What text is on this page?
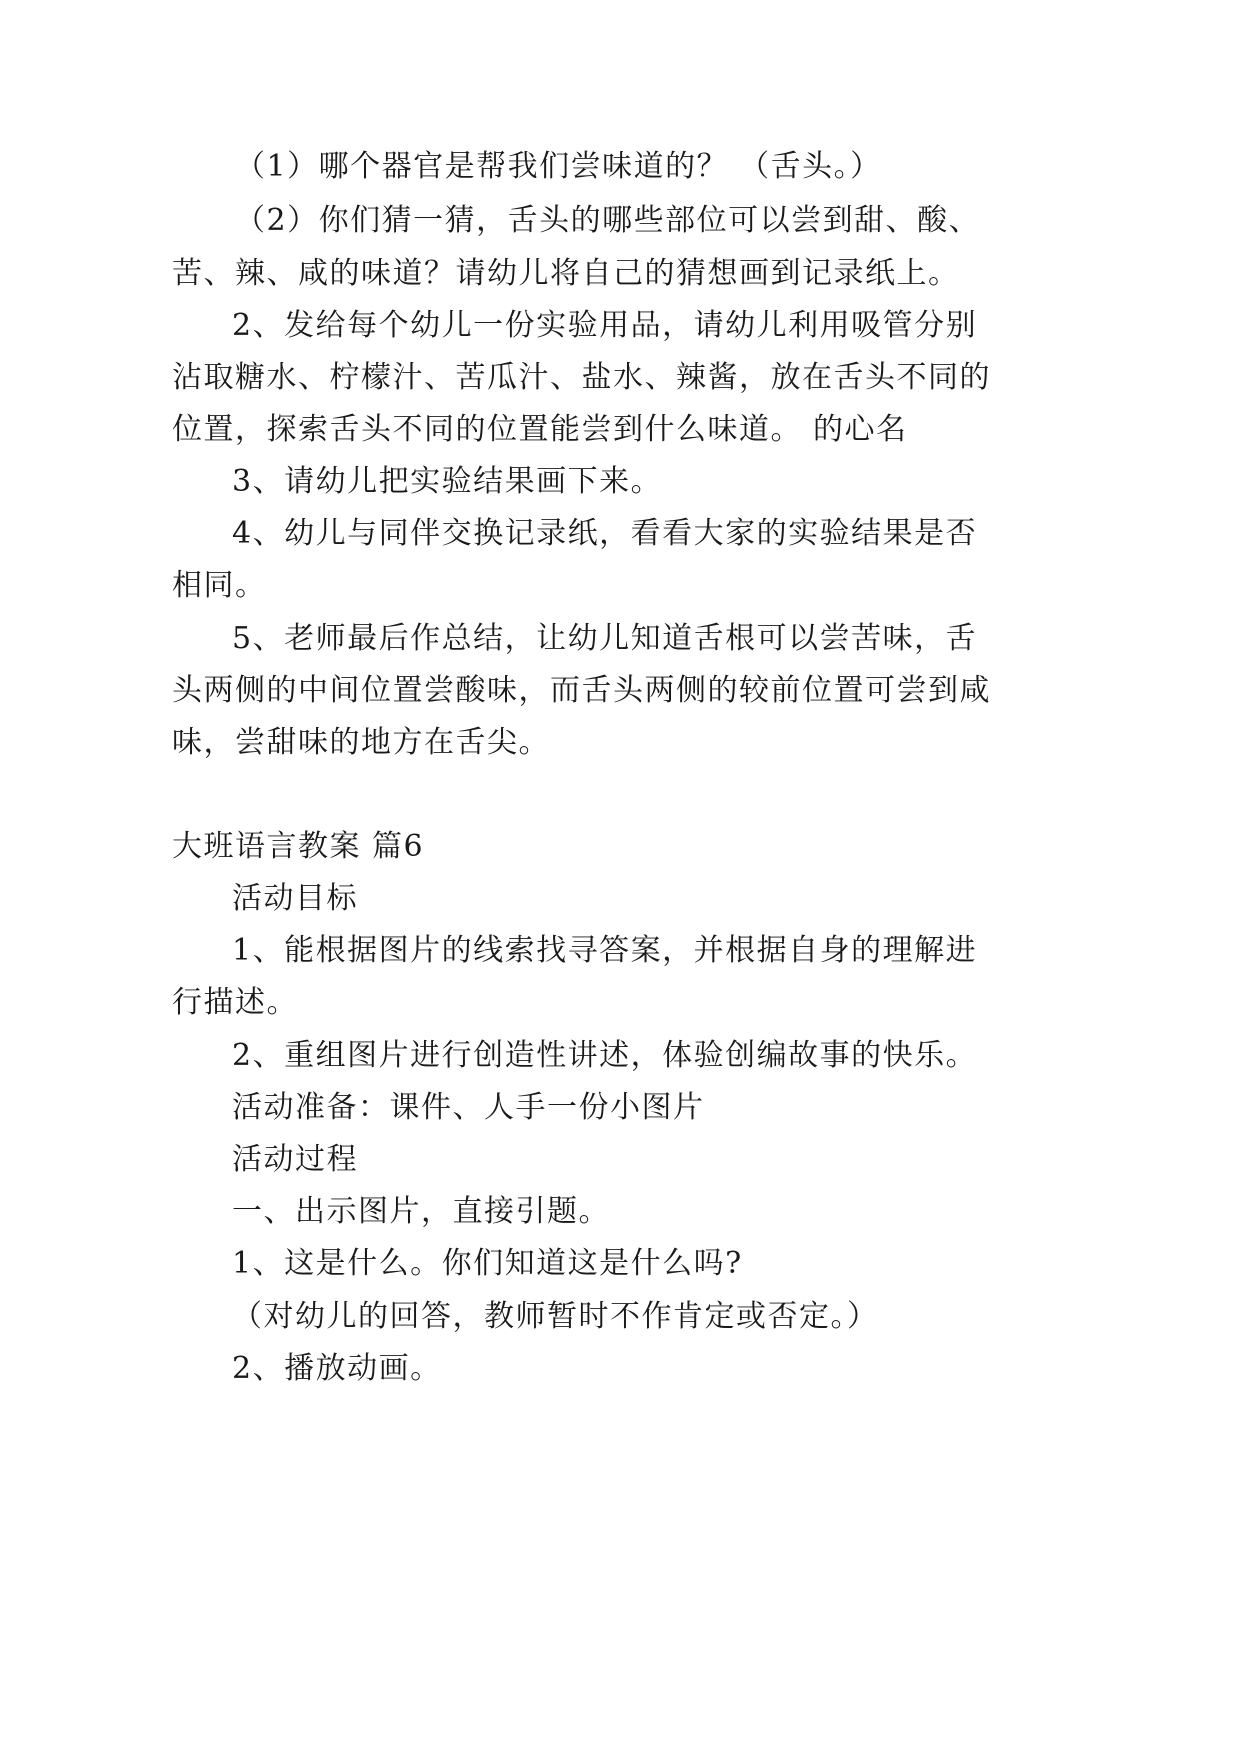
（1）哪个器官是帮我们尝味道的？ （舌头。）
（2）你们猜一猜，舌头的哪些部位可以尝到甜、酸、
苦、辣、咸的味道？请幼儿将自己的猜想画到记录纸上。
2、发给每个幼儿一份实验用品，请幼儿利用吸管分别
沾取糖水、柠檬汁、苦瓜汁、盐水、辣酱，放在舌头不同的
位置，探索舌头不同的位置能尝到什么味道。 的心名
3、请幼儿把实验结果画下来。
4、幼儿与同伴交换记录纸，看看大家的实验结果是否
相同。
5、老师最后作总结，让幼儿知道舌根可以尝苦味，舌
头两侧的中间位置尝酸味，而舌头两侧的较前位置可尝到咸
味，尝甜味的地方在舌尖。
大班语言教案 篇6
活动目标
1、能根据图片的线索找寻答案，并根据自身的理解进
行描述。
2、重组图片进行创造性讲述，体验创编故事的快乐。
活动准备：课件、人手一份小图片
活动过程
一、出示图片，直接引题。
1、这是什么。你们知道这是什么吗?
（对幼儿的回答，教师暂时不作肯定或否定。）
2、播放动画。
